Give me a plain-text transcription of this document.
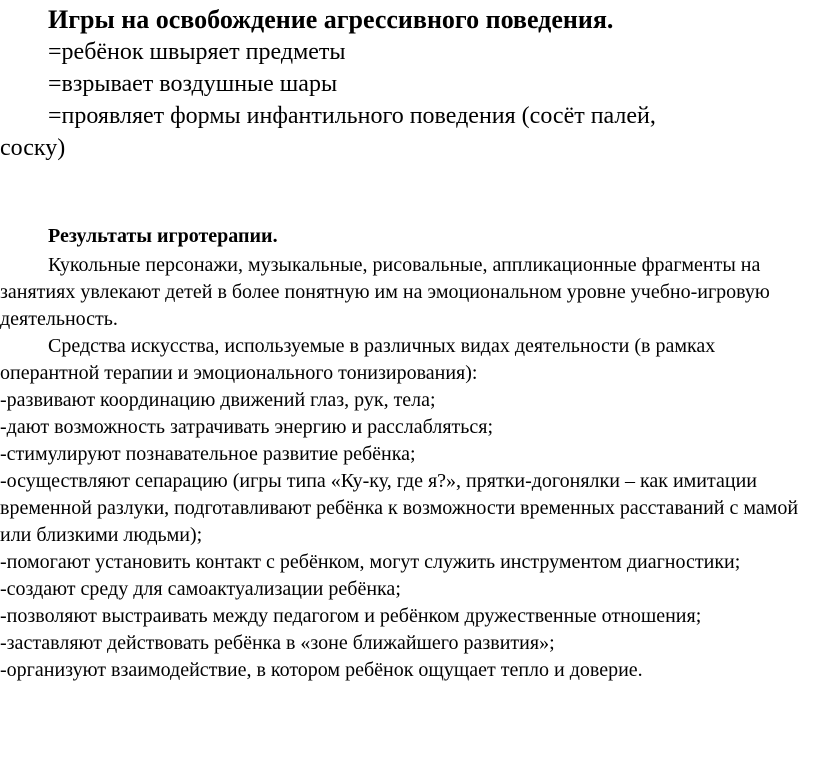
Игры на освобождение агрессивного поведения.
=ребёнок швыряет предметы
=взрывает воздушные шары
=проявляет формы инфантильного поведения (сосёт палей,
соску)
Результаты игротерапии.

Кукольные персонажи, музыкальные, рисовальные, аппликационные фрагменты на занятиях увлекают детей в более понятную им на эмоциональном уровне учебно-игровую деятельность.

Средства искусства, используемые в различных видах деятельности (в рамках оперантной терапии и эмоционального тонизирования):

-развивают координацию движений глаз, рук, тела;

-дают возможность затрачивать энергию и расслабляться;

-стимулируют познавательное развитие ребёнка;

-осуществляют сепарацию (игры типа «Ку-ку, где я?», прятки-догонялки – как имитации временной разлуки, подготавливают ребёнка к возможности временных расставаний с мамой или близкими людьми);

-помогают установить контакт с ребёнком, могут служить инструментом диагностики;

-создают среду для самоактуализации ребёнка;

-позволяют выстраивать между педагогом и ребёнком дружественные отношения;

-заставляют действовать ребёнка в «зоне ближайшего развития»;

-организуют взаимодействие, в котором ребёнок ощущает тепло и доверие.
